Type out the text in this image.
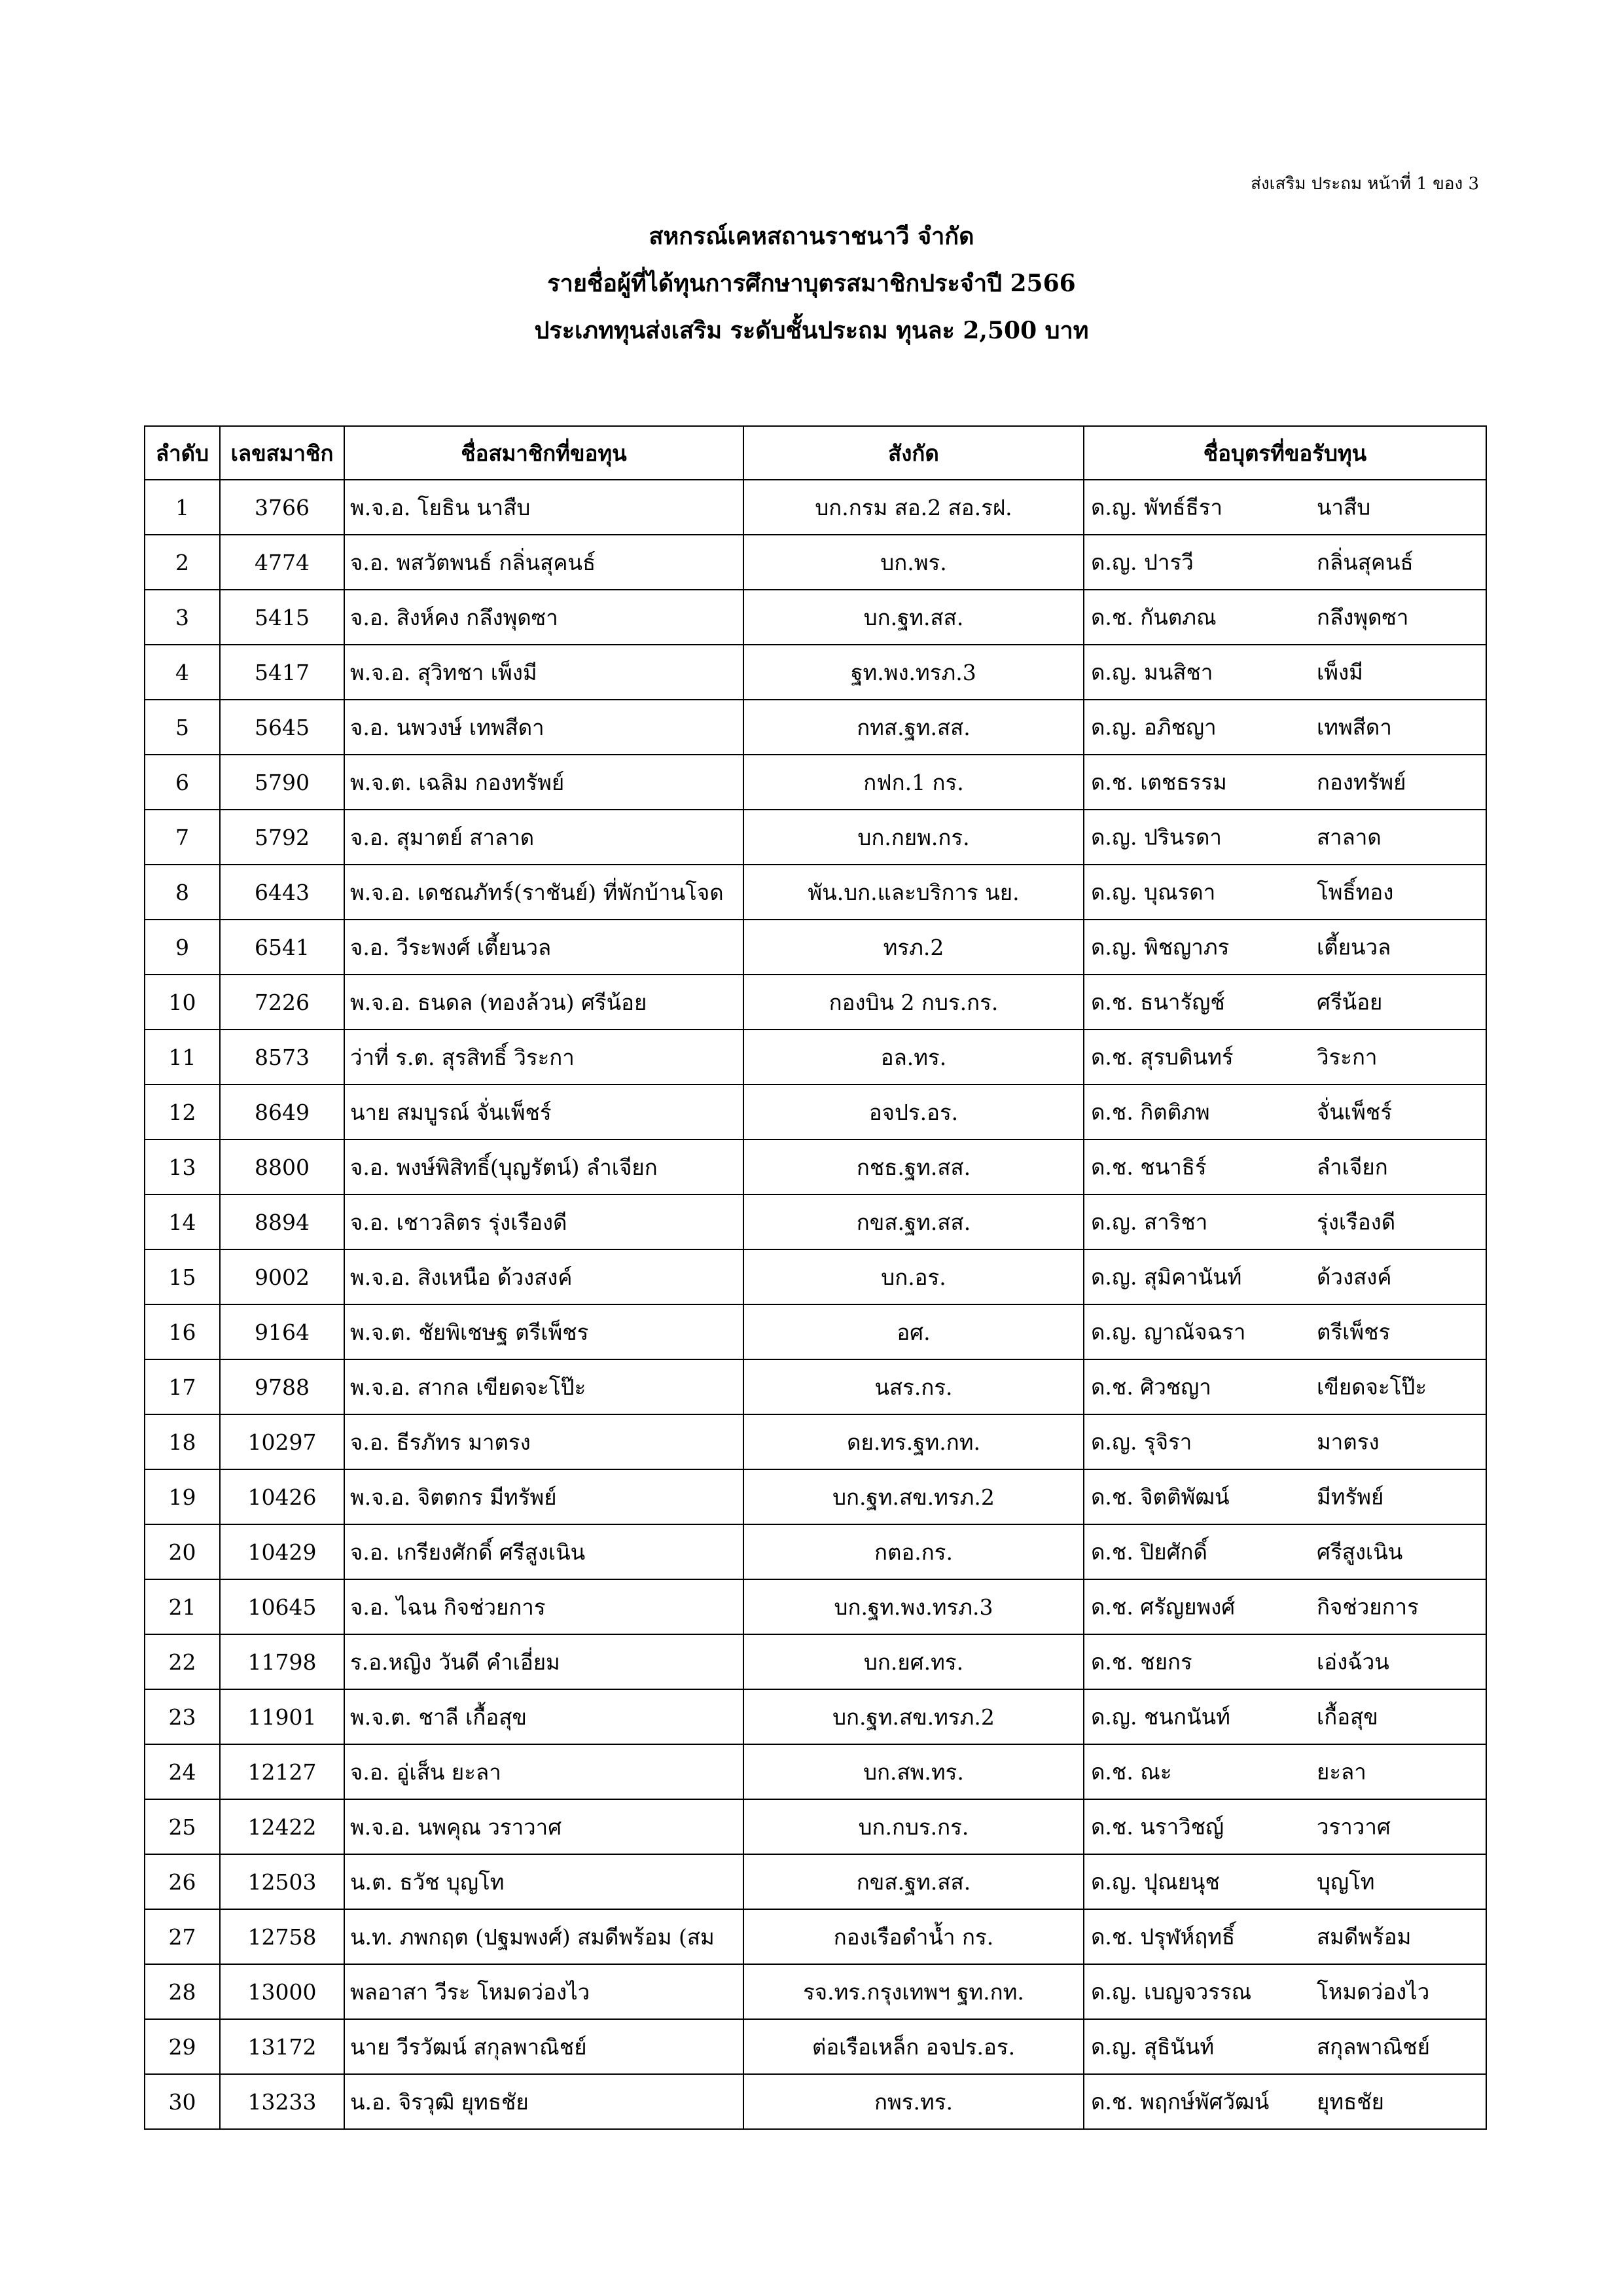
ส่งเสริม ประถม หน้าที่ 1 ของ 3
สหกรณ์เคหสถานราชนาวี จำกัด
รายชื่อผู้ที่ได้ทุนการศึกษาบุตรสมาชิกประจำปี 2566
ประเภททุนส่งเสริม ระดับชั้นประถม ทุนละ 2,500 บาท
ลำดับ	เลขสมาชิก	ชื่อสมาชิกที่ขอทุน	สังกัด	ชื่อบุตรที่ขอรับทุน
1	3766	พ.จ.อ. โยธิน นาสืบ	บก.กรม สอ.2 สอ.รฝ.	ด.ญ. พัทธ์ธีรา นาสืบ

2	4774	จ.อ. พสวัตพนธ์ กลิ่นสุคนธ์	บก.พร.	ด.ญ. ปารวี กลิ่นสุคนธ์

3	5415	จ.อ. สิงห์คง กลึงพุดซา	บก.ฐท.สส.	ด.ช. กันตภณ กลึงพุดซา

4	5417	พ.จ.อ. สุวิทชา เพ็งมี	ฐท.พง.ทรภ.3	ด.ญ. มนสิชา เพ็งมี

5	5645	จ.อ. นพวงษ์ เทพสีดา	กทส.ฐท.สส.	ด.ญ. อภิชญา เทพสีดา

6	5790	พ.จ.ต. เฉลิม กองทรัพย์	กฟก.1 กร.	ด.ช. เตชธรรม กองทรัพย์

7	5792	จ.อ. สุมาตย์ สาลาด	บก.กยพ.กร.	ด.ญ. ปรินรดา สาลาด

8	6443	พ.จ.อ. เดชณภัทร์(ราชันย์) ที่พักบ้านโจด	พัน.บก.และบริการ นย.	ด.ญ. บุณรดา โพธิ์ทอง

9	6541	จ.อ. วีระพงศ์ เตี้ยนวล	ทรภ.2	ด.ญ. พิชญาภร เตี้ยนวล

10	7226	พ.จ.อ. ธนดล (ทองล้วน) ศรีน้อย	กองบิน 2 กบร.กร.	ด.ช. ธนารัญช์ ศรีน้อย

11	8573	ว่าที่ ร.ต. สุรสิทธิ์ วิระกา	อล.ทร.	ด.ช. สุรบดินทร์ วิระกา

12	8649	นาย สมบูรณ์ จั่นเพ็ชร์	อจปร.อร.	ด.ช. กิตติภพ จั่นเพ็ชร์

13	8800	จ.อ. พงษ์พิสิทธิ์(บุญรัตน์) ลำเจียก	กชธ.ฐท.สส.	ด.ช. ชนาธิร์ ลำเจียก

14	8894	จ.อ. เชาวลิตร รุ่งเรืองดี	กขส.ฐท.สส.	ด.ญ. สาริชา รุ่งเรืองดี

15	9002	พ.จ.อ. สิงเหนือ ด้วงสงค์	บก.อร.	ด.ญ. สุมิคานันท์ ด้วงสงค์

16	9164	พ.จ.ต. ชัยพิเชษฐ ตรีเพ็ชร	อศ.	ด.ญ. ญาณัจฉรา ตรีเพ็ชร

17	9788	พ.จ.อ. สากล เขียดจะโป๊ะ	นสร.กร.	ด.ช. ศิวชญา เขียดจะโป๊ะ

18	10297	จ.อ. ธีรภัทร มาตรง	ดย.ทร.ฐท.กท.	ด.ญ. รุจิรา มาตรง

19	10426	พ.จ.อ. จิตตกร มีทรัพย์	บก.ฐท.สข.ทรภ.2	ด.ช. จิตติพัฒน์ มีทรัพย์

20	10429	จ.อ. เกรียงศักดิ์ ศรีสูงเนิน	กตอ.กร.	ด.ช. ปิยศักดิ์ ศรีสูงเนิน

21	10645	จ.อ. ไฉน กิจช่วยการ	บก.ฐท.พง.ทรภ.3	ด.ช. ศรัญยพงศ์ กิจช่วยการ

22	11798	ร.อ.หญิง วันดี คำเอี่ยม	บก.ยศ.ทร.	ด.ช. ชยกร เอ่งฉ้วน

23	11901	พ.จ.ต. ชาลี เกื้อสุข	บก.ฐท.สข.ทรภ.2	ด.ญ. ชนกนันท์ เกื้อสุข

24	12127	จ.อ. อู่เส็น ยะลา	บก.สพ.ทร.	ด.ช. ณะ ยะลา

25	12422	พ.จ.อ. นพคุณ วราวาศ	บก.กบร.กร.	ด.ช. นราวิชญ์ วราวาศ

26	12503	น.ต. ธวัช บุญโท	กขส.ฐท.สส.	ด.ญ. ปุณยนุช บุญโท

27	12758	น.ท. ภพกฤต (ปฐมพงศ์) สมดีพร้อม (สม	กองเรือดำน้ำ กร.	ด.ช. ปรุฬห์ฤทธิ์ สมดีพร้อม

28	13000	พลอาสา วีระ โหมดว่องไว	รจ.ทร.กรุงเทพฯ ฐท.กท.	ด.ญ. เบญจวรรณ โหมดว่องไว

29	13172	นาย วีรวัฒน์ สกุลพาณิชย์	ต่อเรือเหล็ก อจปร.อร.	ด.ญ. สุธินันท์ สกุลพาณิชย์

30	13233	น.อ. จิรวุฒิ ยุทธชัย	กพร.ทร.	ด.ช. พฤกษ์พัศวัฒน์ ยุทธชัย
